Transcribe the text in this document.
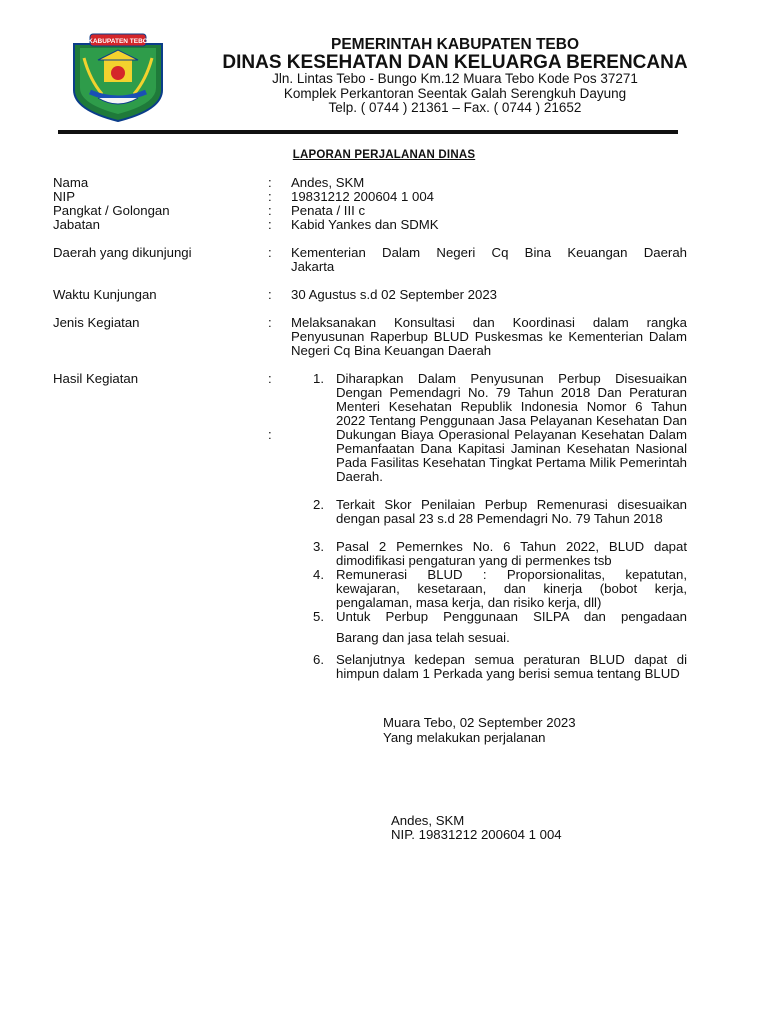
KABUPATEN TEBO	PEMERINTAH KABUPATEN TEBO
DINAS KESEHATAN DAN KELUARGA BERENCANA
Jln. Lintas Tebo - Bungo Km.12 Muara Tebo Kode Pos 37271
Komplek Perkantoran Seentak Galah Serengkuh Dayung
Telp. ( 0744 ) 21361 – Fax. ( 0744 ) 21652
LAPORAN PERJALANAN DINAS
Nama	: Andes, SKM
NIP	: 19831212 200604 1 004
Pangkat / Golongan	: Penata / III c
Jabatan	: Kabid Yankes dan SDMK
Daerah yang dikunjungi	: Kementerian Dalam Negeri Cq Bina Keuangan Daerah
Jakarta
Waktu Kunjungan	: 30 Agustus s.d 02 September 2023
Jenis Kegiatan	: Melaksanakan Konsultasi dan Koordinasi dalam rangka Penyusunan Raperbup BLUD Puskesmas ke Kementerian Dalam Negeri Cq Bina Keuangan Daerah
Hasil Kegiatan	:
:
1. Diharapkan Dalam Penyusunan Perbup Disesuaikan Dengan Pemendagri No. 79 Tahun 2018 Dan Peraturan Menteri Kesehatan Republik Indonesia Nomor 6 Tahun 2022 Tentang Penggunaan Jasa Pelayanan Kesehatan Dan Dukungan Biaya Operasional Pelayanan Kesehatan Dalam Pemanfaatan Dana Kapitasi Jaminan Kesehatan Nasional Pada Fasilitas Kesehatan Tingkat Pertama Milik Pemerintah Daerah.
2. Terkait Skor Penilaian Perbup Remenurasi disesuaikan dengan pasal 23 s.d 28 Pemendagri No. 79 Tahun 2018
3. Pasal 2 Pemernkes No. 6 Tahun 2022, BLUD dapat dimodifikasi pengaturan yang di permenkes tsb
4. Remunerasi BLUD : Proporsionalitas, kepatutan, kewajaran, kesetaraan, dan kinerja (bobot kerja, pengalaman, masa kerja, dan risiko kerja, dll)
5. Untuk Perbup Penggunaan SILPA dan pengadaan
Barang dan jasa telah sesuai.
6. Selanjutnya kedepan semua peraturan BLUD dapat di himpun dalam 1 Perkada yang berisi semua tentang BLUD
Muara Tebo, 02 September 2023
Yang melakukan perjalanan
Andes, SKM
NIP. 19831212 200604 1 004
